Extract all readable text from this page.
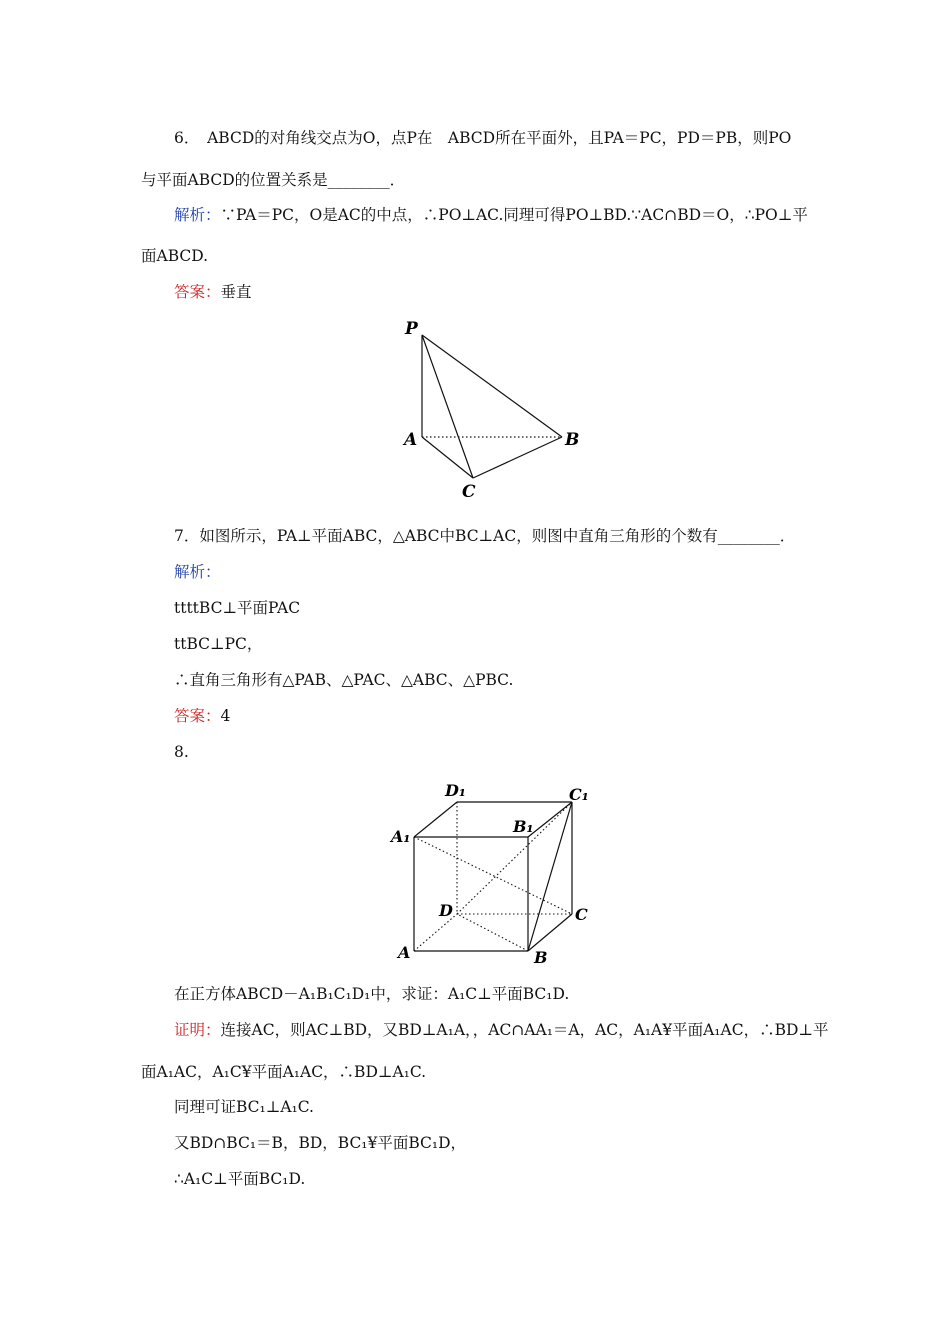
6．　ABCD的对角线交点为O，点P在　ABCD所在平面外，且PA＝PC，PD＝PB，则PO
与平面ABCD的位置关系是________．
解析：∵PA＝PC，O是AC的中点，∴PO⊥AC.同理可得PO⊥BD.∵AC∩BD＝O，∴PO⊥平
面ABCD.
答案：垂直
P
A	B
C
7．如图所示，PA⊥平面ABC，△ABC中BC⊥AC，则图中直角三角形的个数有________．
解析：
ttttBC⊥平面PAC
ttBC⊥PC，
∴直角三角形有△PAB、△PAC、△ABC、△PBC.
答案：4
8.
D₁	C₁
A₁
B₁
D	C
A	B
在正方体ABCD－A₁B₁C₁D₁中，求证：A₁C⊥平面BC₁D.
证明：连接AC，则AC⊥BD，又BD⊥A₁A，，AC∩AA₁＝A，AC，A₁A¥平面A₁AC，∴BD⊥平
面A₁AC，A₁C¥平面A₁AC，∴BD⊥A₁C.
同理可证BC₁⊥A₁C.
又BD∩BC₁＝B，BD，BC₁¥平面BC₁D，
∴A₁C⊥平面BC₁D.
